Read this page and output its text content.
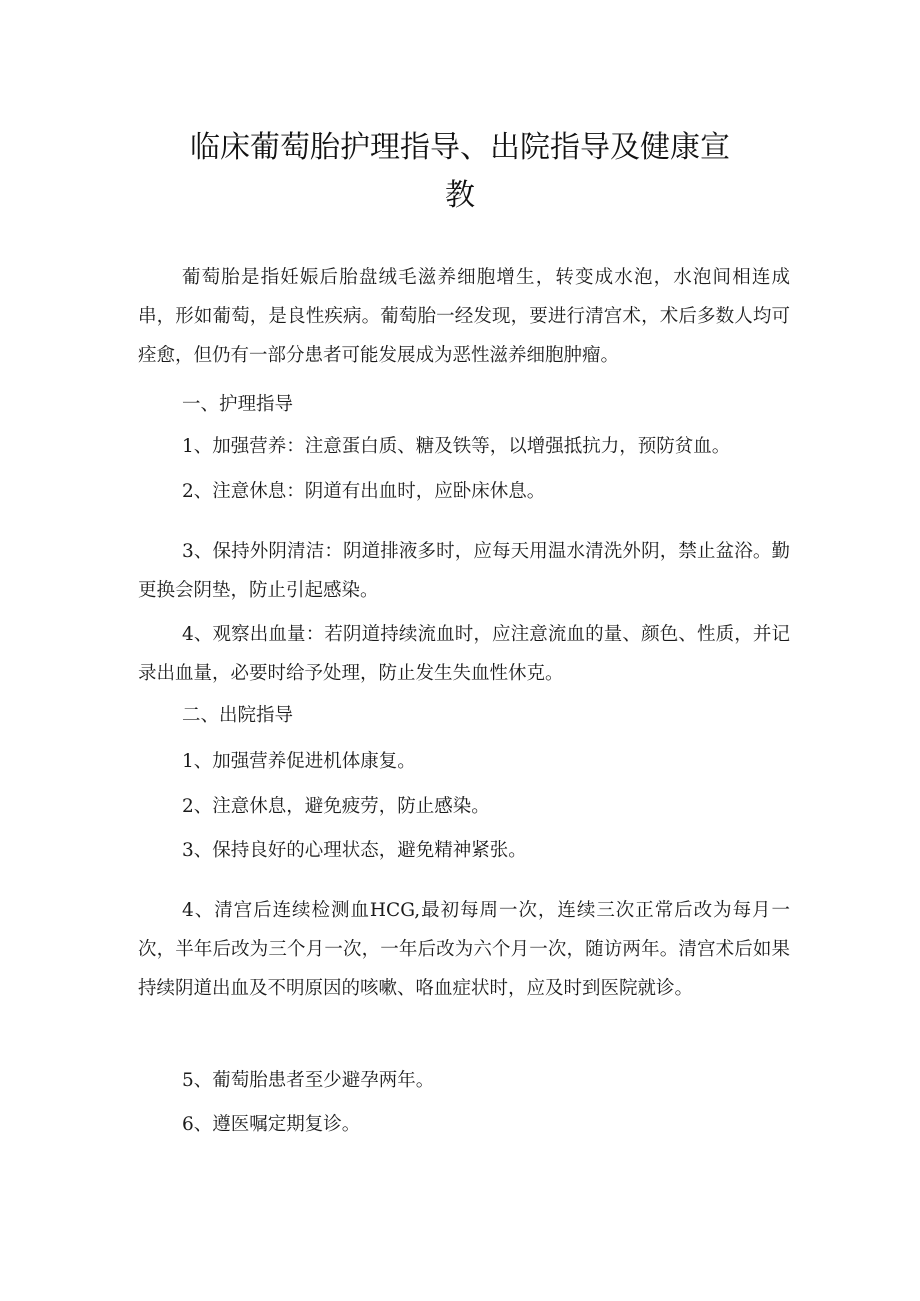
临床葡萄胎护理指导、出院指导及健康宣
教

葡萄胎是指妊娠后胎盘绒毛滋养细胞增生，转变成水泡，水泡间相连成串，形如葡萄，是良性疾病。葡萄胎一经发现，要进行清宫术，术后多数人均可痊愈，但仍有一部分患者可能发展成为恶性滋养细胞肿瘤。

一、护理指导

1、加强营养：注意蛋白质、糖及铁等，以增强抵抗力，预防贫血。

2、注意休息：阴道有出血时，应卧床休息。

3、保持外阴清洁：阴道排液多时，应每天用温水清洗外阴，禁止盆浴。勤更换会阴垫，防止引起感染。

4、观察出血量：若阴道持续流血时，应注意流血的量、颜色、性质，并记录出血量，必要时给予处理，防止发生失血性休克。

二、出院指导

1、加强营养促进机体康复。

2、注意休息，避免疲劳，防止感染。

3、保持良好的心理状态，避免精神紧张。

4、清宫后连续检测血HCG,最初每周一次，连续三次正常后改为每月一次，半年后改为三个月一次，一年后改为六个月一次，随访两年。清宫术后如果持续阴道出血及不明原因的咳嗽、咯血症状时，应及时到医院就诊。

5、葡萄胎患者至少避孕两年。

6、遵医嘱定期复诊。
